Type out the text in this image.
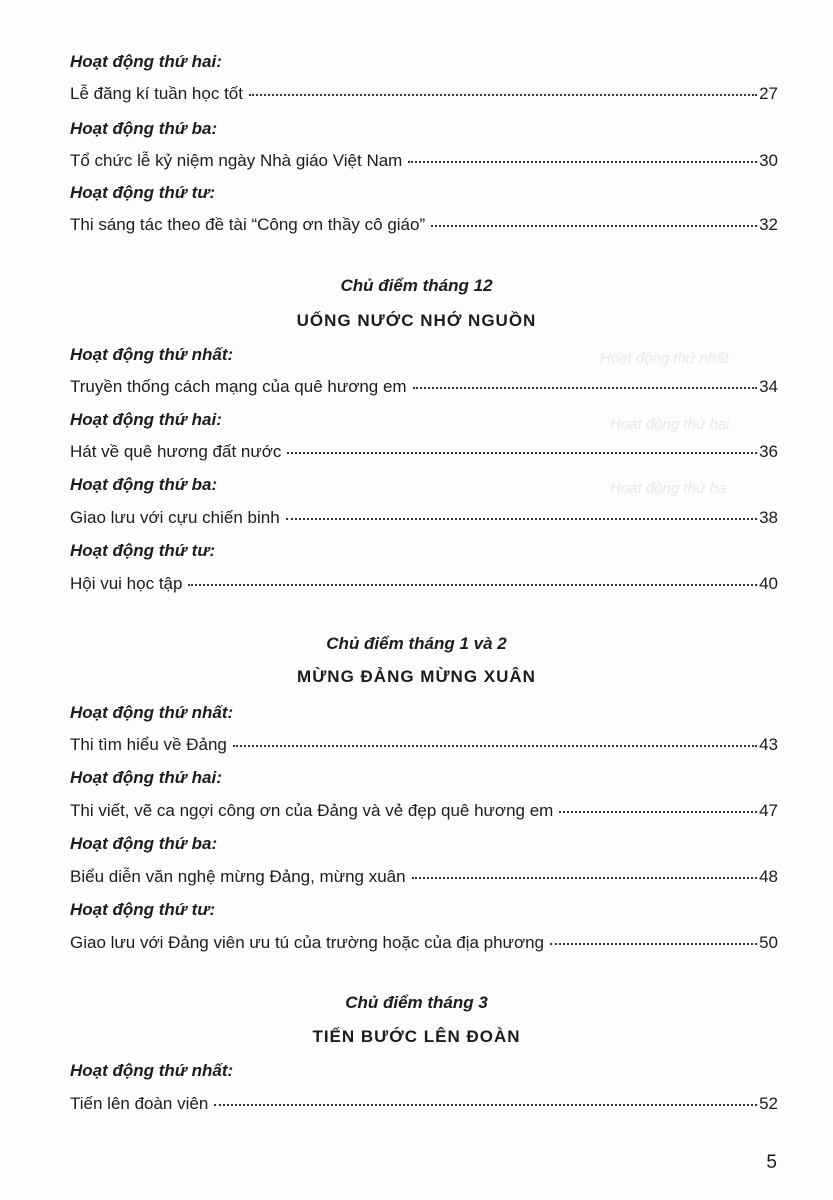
Hoạt động thứ nhất
Hoạt động thứ hai
Hoạt động thứ ba
Hoạt động thứ hai:
Lễ đăng kí tuần học tốt	27
Hoạt động thứ ba:
Tổ chức lễ kỷ niệm ngày Nhà giáo Việt Nam	30
Hoạt động thứ tư:
Thi sáng tác theo đề tài “Công ơn thầy cô giáo”	32
Chủ điểm tháng 12
UỐNG NƯỚC NHỚ NGUỒN
Hoạt động thứ nhất:
Truyền thống cách mạng của quê hương em	34
Hoạt động thứ hai:
Hát về quê hương đất nước	36
Hoạt động thứ ba:
Giao lưu với cựu chiến binh	38
Hoạt động thứ tư:
Hội vui học tập	40
Chủ điểm tháng 1 và 2
MỪNG ĐẢNG MỪNG XUÂN
Hoạt động thứ nhất:
Thi tìm hiểu về Đảng	43
Hoạt động thứ hai:
Thi viết, vẽ ca ngợi công ơn của Đảng và vẻ đẹp quê hương em	47
Hoạt động thứ ba:
Biểu diễn văn nghệ mừng Đảng, mừng xuân	48
Hoạt động thứ tư:
Giao lưu với Đảng viên ưu tú của trường hoặc của địa phương	50
Chủ điểm tháng 3
TIẾN BƯỚC LÊN ĐOÀN
Hoạt động thứ nhất:
Tiến lên đoàn viên	52
5
